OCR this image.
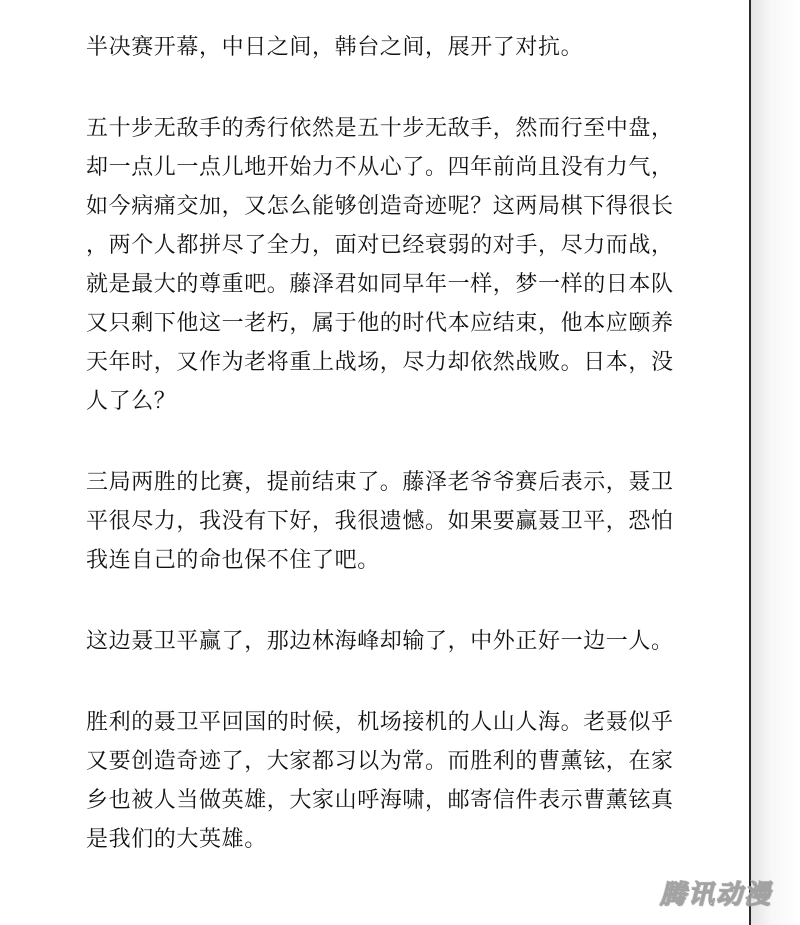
半决赛开幕，中日之间，韩台之间，展开了对抗。

五十步无敌手的秀行依然是五十步无敌手，然而行至中盘，
却一点儿一点儿地开始力不从心了。四年前尚且没有力气，
如今病痛交加，又怎么能够创造奇迹呢？这两局棋下得很长
，两个人都拼尽了全力，面对已经衰弱的对手，尽力而战，
就是最大的尊重吧。藤泽君如同早年一样，梦一样的日本队
又只剩下他这一老朽，属于他的时代本应结束，他本应颐养
天年时，又作为老将重上战场，尽力却依然战败。日本，没
人了么？

三局两胜的比赛，提前结束了。藤泽老爷爷赛后表示，聂卫
平很尽力，我没有下好，我很遗憾。如果要赢聂卫平，恐怕
我连自己的命也保不住了吧。

这边聂卫平赢了，那边林海峰却输了，中外正好一边一人。

胜利的聂卫平回国的时候，机场接机的人山人海。老聂似乎
又要创造奇迹了，大家都习以为常。而胜利的曹薰铉，在家
乡也被人当做英雄，大家山呼海啸，邮寄信件表示曹薰铉真
是我们的大英雄。

腾讯动漫
